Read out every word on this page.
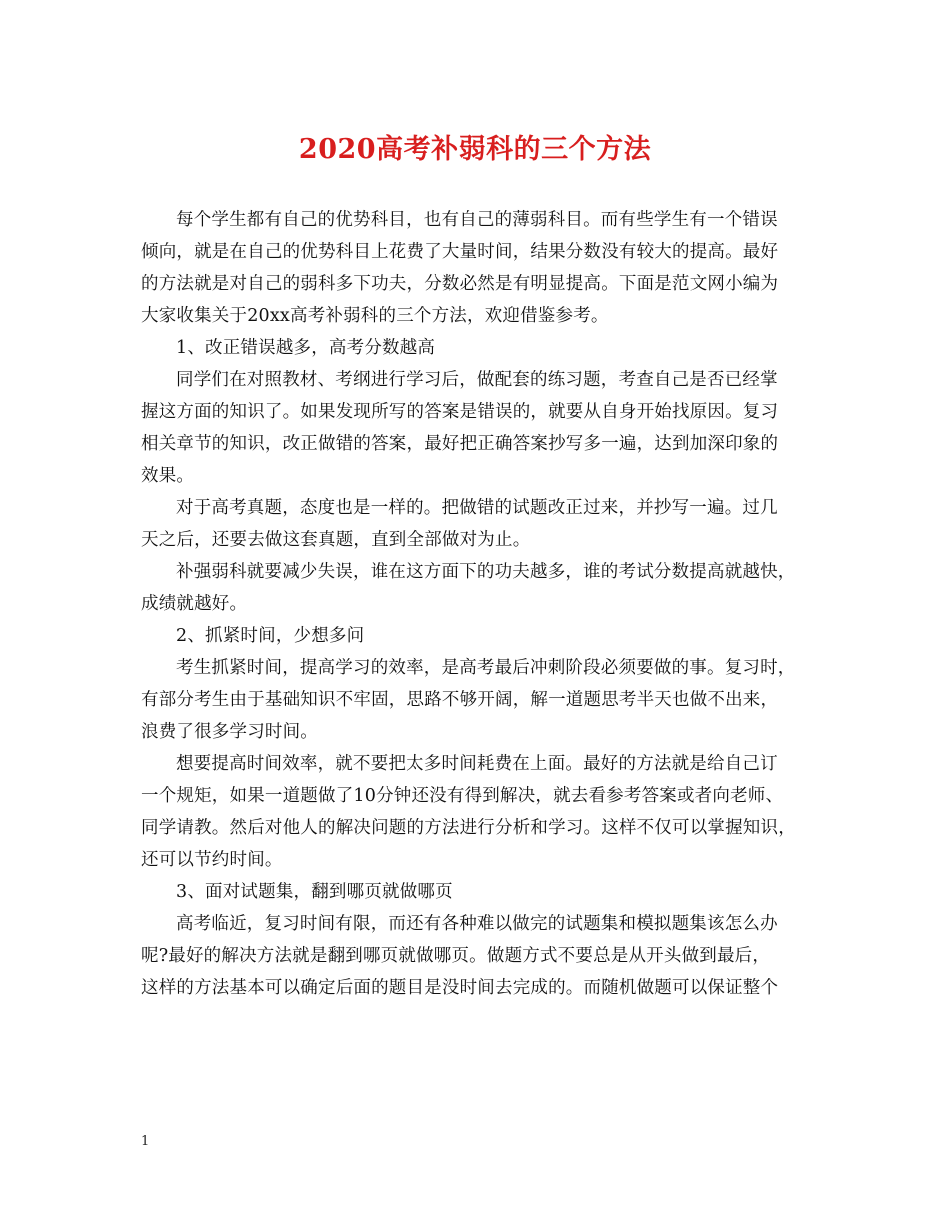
2020高考补弱科的三个方法
每个学生都有自己的优势科目，也有自己的薄弱科目。而有些学生有一个错误
倾向，就是在自己的优势科目上花费了大量时间，结果分数没有较大的提高。最好
的方法就是对自己的弱科多下功夫，分数必然是有明显提高。下面是范文网小编为
大家收集关于20xx高考补弱科的三个方法，欢迎借鉴参考。
1、改正错误越多，高考分数越高
同学们在对照教材、考纲进行学习后，做配套的练习题，考查自己是否已经掌
握这方面的知识了。如果发现所写的答案是错误的，就要从自身开始找原因。复习
相关章节的知识，改正做错的答案，最好把正确答案抄写多一遍，达到加深印象的
效果。
对于高考真题，态度也是一样的。把做错的试题改正过来，并抄写一遍。过几
天之后，还要去做这套真题，直到全部做对为止。
补强弱科就要减少失误，谁在这方面下的功夫越多，谁的考试分数提高就越快，
成绩就越好。
2、抓紧时间，少想多问
考生抓紧时间，提高学习的效率，是高考最后冲刺阶段必须要做的事。复习时，
有部分考生由于基础知识不牢固，思路不够开阔，解一道题思考半天也做不出来，
浪费了很多学习时间。
想要提高时间效率，就不要把太多时间耗费在上面。最好的方法就是给自己订
一个规矩，如果一道题做了10分钟还没有得到解决，就去看参考答案或者向老师、
同学请教。然后对他人的解决问题的方法进行分析和学习。这样不仅可以掌握知识，
还可以节约时间。
3、面对试题集，翻到哪页就做哪页
高考临近，复习时间有限，而还有各种难以做完的试题集和模拟题集该怎么办
呢?最好的解决方法就是翻到哪页就做哪页。做题方式不要总是从开头做到最后，
这样的方法基本可以确定后面的题目是没时间去完成的。而随机做题可以保证整个
1
